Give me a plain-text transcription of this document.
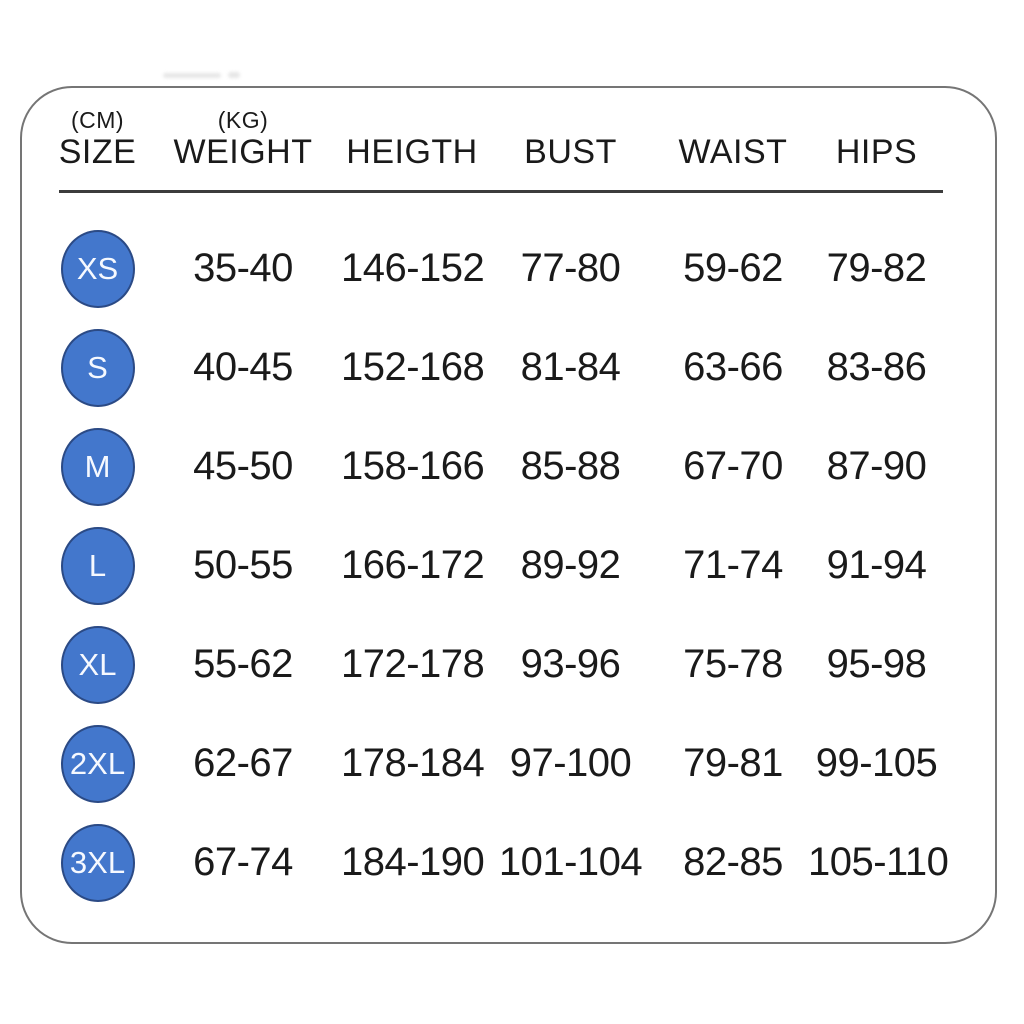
(CM)
SIZE
(KG)
WEIGHT HEIGTH BUST WAIST HIPS
XS	35-40	146-152 77-80	59-62	79-82
S	40-45	152-168 81-84	63-66	83-86
M	45-50	158-166 85-88	67-70	87-90
L	50-55	166-172 89-92	71-74	91-94
XL	55-62	172-178 93-96	75-78	95-98
2XL	62-67	178-184 97-100	79-81 99-105
3XL	67-74	184-190 101-104	82-85 105-110
